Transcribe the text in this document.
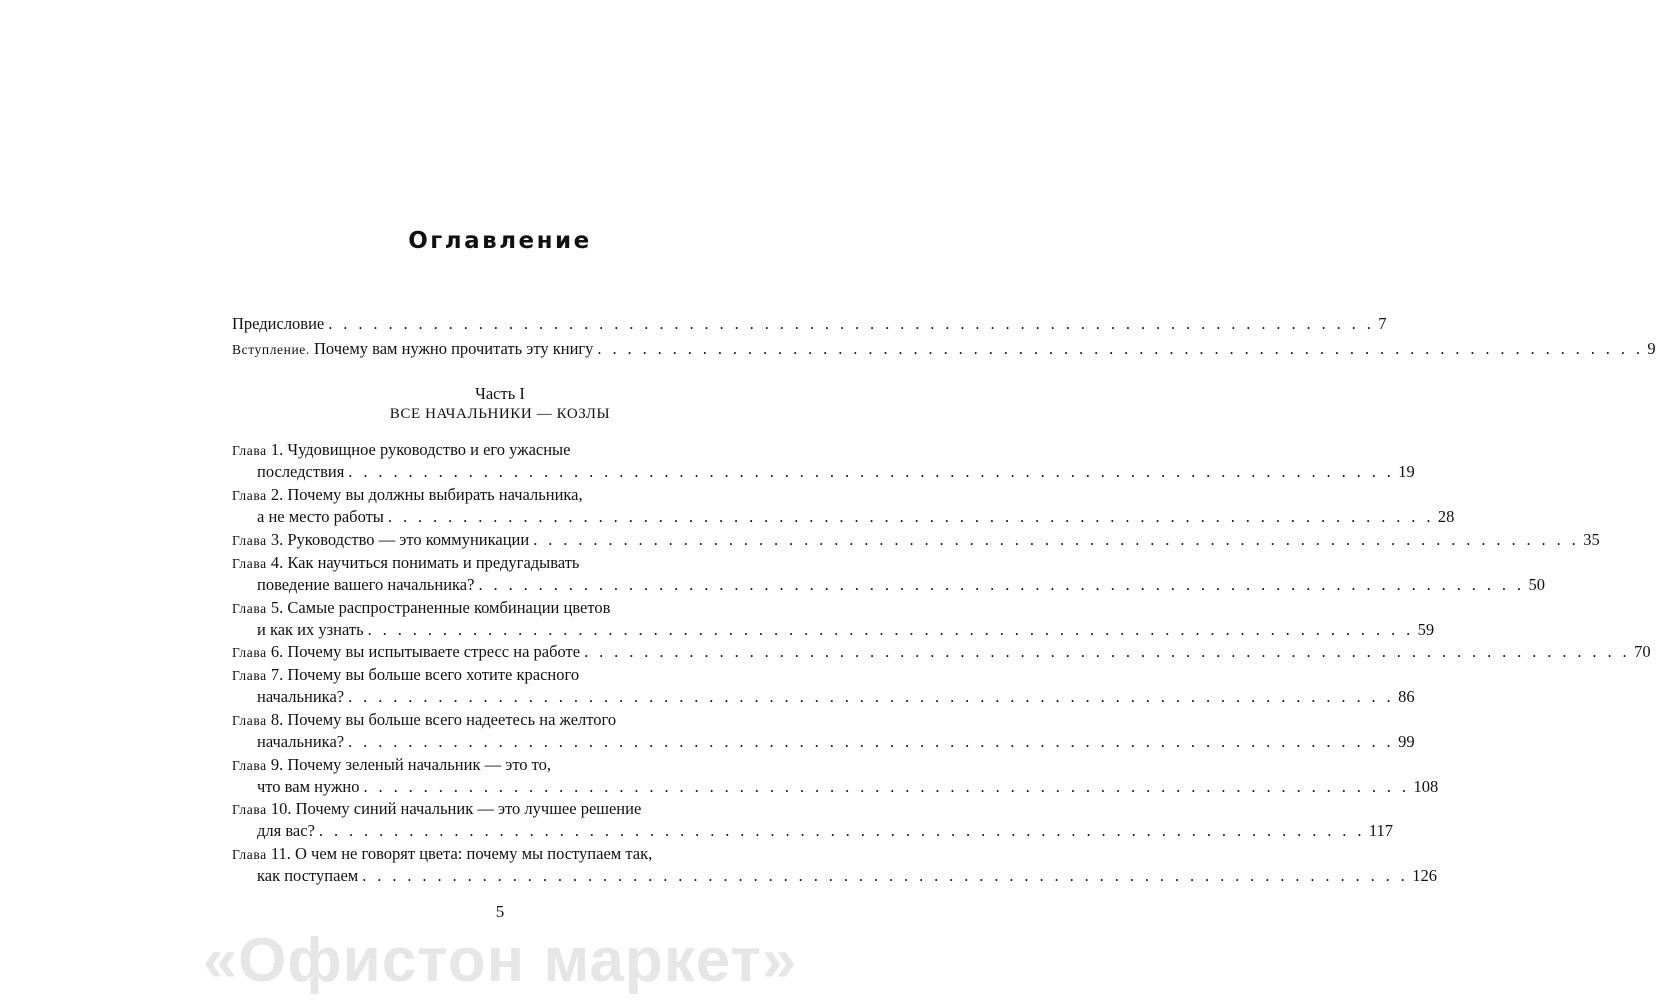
Оглавление
Предисловие . . . . . . . . . . . . . . . . . . . . . . . . . . . . . . . . . . . . . . . . . . . . . . . . . . . . . . . . . . . . . . . . . . . . . . 7
Вступление. Почему вам нужно прочитать эту книгу . . . . . . . . . . . . . . . . . . . . . . . . . . . . . . . . . . . . . . . . . . . . . . . . . . . . . . . . . . . . . . . . . . . . . . 9
Часть I
ВСЕ НАЧАЛЬНИКИ — КОЗЛЫ
Глава 1. Чудовищное руководство и его ужасные
последствия . . . . . . . . . . . . . . . . . . . . . . . . . . . . . . . . . . . . . . . . . . . . . . . . . . . . . . . . . . . . . . . . . . . . . . 19
Глава 2. Почему вы должны выбирать начальника,
а не место работы . . . . . . . . . . . . . . . . . . . . . . . . . . . . . . . . . . . . . . . . . . . . . . . . . . . . . . . . . . . . . . . . . . . . . . 28
Глава 3. Руководство — это коммуникации . . . . . . . . . . . . . . . . . . . . . . . . . . . . . . . . . . . . . . . . . . . . . . . . . . . . . . . . . . . . . . . . . . . . . . 35
Глава 4. Как научиться понимать и предугадывать
поведение вашего начальника? . . . . . . . . . . . . . . . . . . . . . . . . . . . . . . . . . . . . . . . . . . . . . . . . . . . . . . . . . . . . . . . . . . . . . . 50
Глава 5. Самые распространенные комбинации цветов
и как их узнать . . . . . . . . . . . . . . . . . . . . . . . . . . . . . . . . . . . . . . . . . . . . . . . . . . . . . . . . . . . . . . . . . . . . . . 59
Глава 6. Почему вы испытываете стресс на работе . . . . . . . . . . . . . . . . . . . . . . . . . . . . . . . . . . . . . . . . . . . . . . . . . . . . . . . . . . . . . . . . . . . . . . 70
Глава 7. Почему вы больше всего хотите красного
начальника? . . . . . . . . . . . . . . . . . . . . . . . . . . . . . . . . . . . . . . . . . . . . . . . . . . . . . . . . . . . . . . . . . . . . . . 86
Глава 8. Почему вы больше всего надеетесь на желтого
начальника? . . . . . . . . . . . . . . . . . . . . . . . . . . . . . . . . . . . . . . . . . . . . . . . . . . . . . . . . . . . . . . . . . . . . . . 99
Глава 9. Почему зеленый начальник — это то,
что вам нужно . . . . . . . . . . . . . . . . . . . . . . . . . . . . . . . . . . . . . . . . . . . . . . . . . . . . . . . . . . . . . . . . . . . . . . 108
Глава 10. Почему синий начальник — это лучшее решение
для вас? . . . . . . . . . . . . . . . . . . . . . . . . . . . . . . . . . . . . . . . . . . . . . . . . . . . . . . . . . . . . . . . . . . . . . . 117
Глава 11. О чем не говорят цвета: почему мы поступаем так,
как поступаем . . . . . . . . . . . . . . . . . . . . . . . . . . . . . . . . . . . . . . . . . . . . . . . . . . . . . . . . . . . . . . . . . . . . . . 126
5
«Офистон маркет»
